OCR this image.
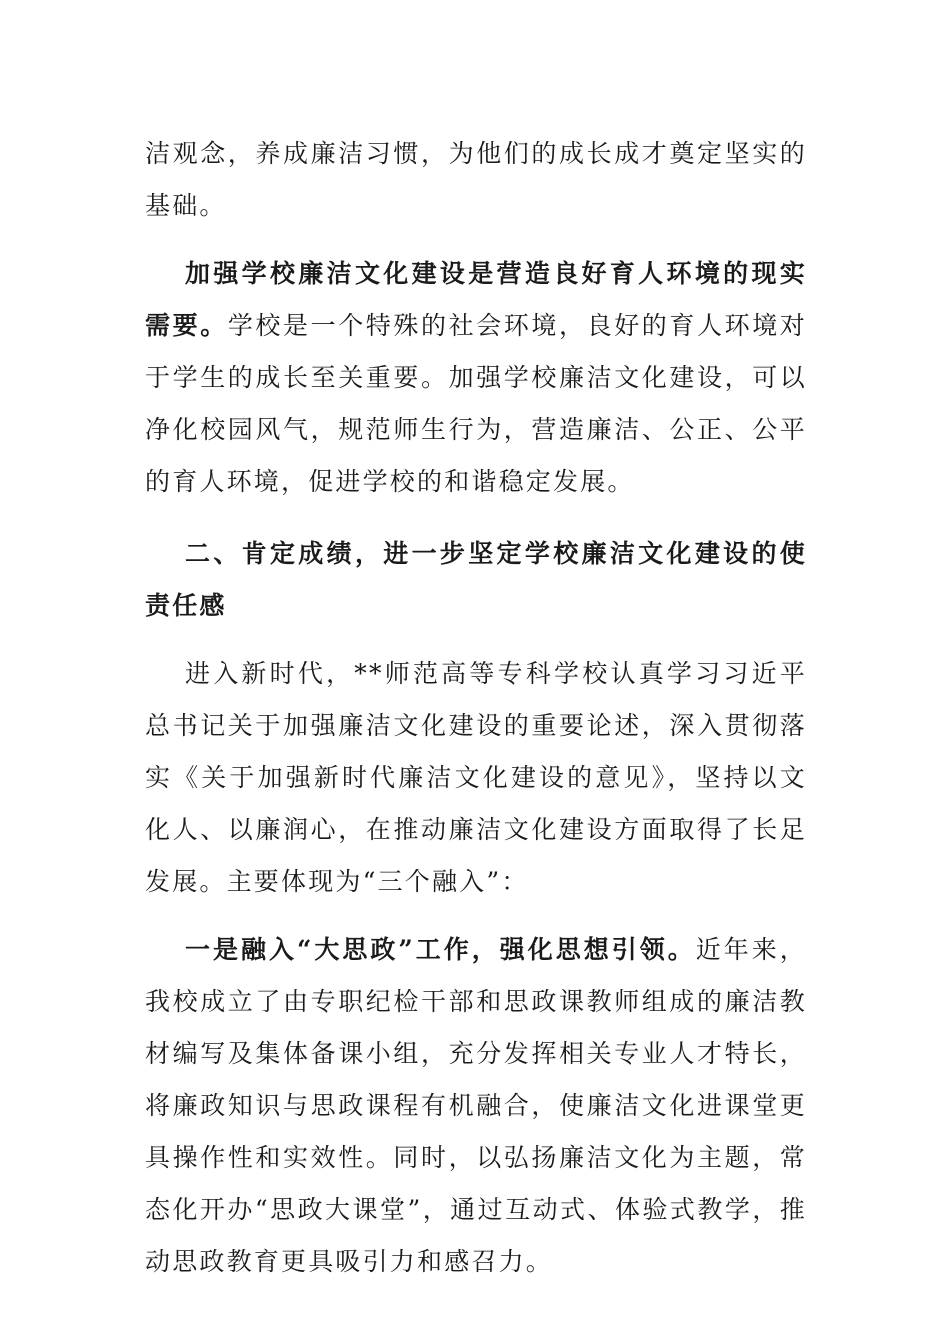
洁观念，养成廉洁习惯，为他们的成长成才奠定坚实的基础。

加强学校廉洁文化建设是营造良好育人环境的现实需要。学校是一个特殊的社会环境，良好的育人环境对于学生的成长至关重要。加强学校廉洁文化建设，可以净化校园风气，规范师生行为，营造廉洁、公正、公平的育人环境，促进学校的和谐稳定发展。

二、肯定成绩，进一步坚定学校廉洁文化建设的使责任感

进入新时代，**师范高等专科学校认真学习习近平总书记关于加强廉洁文化建设的重要论述，深入贯彻落实《关于加强新时代廉洁文化建设的意见》，坚持以文化人、以廉润心，在推动廉洁文化建设方面取得了长足发展。主要体现为“三个融入”：

一是融入“大思政”工作，强化思想引领。近年来，我校成立了由专职纪检干部和思政课教师组成的廉洁教材编写及集体备课小组，充分发挥相关专业人才特长，将廉政知识与思政课程有机融合，使廉洁文化进课堂更具操作性和实效性。同时，以弘扬廉洁文化为主题，常态化开办“思政大课堂”，通过互动式、体验式教学，推动思政教育更具吸引力和感召力。
